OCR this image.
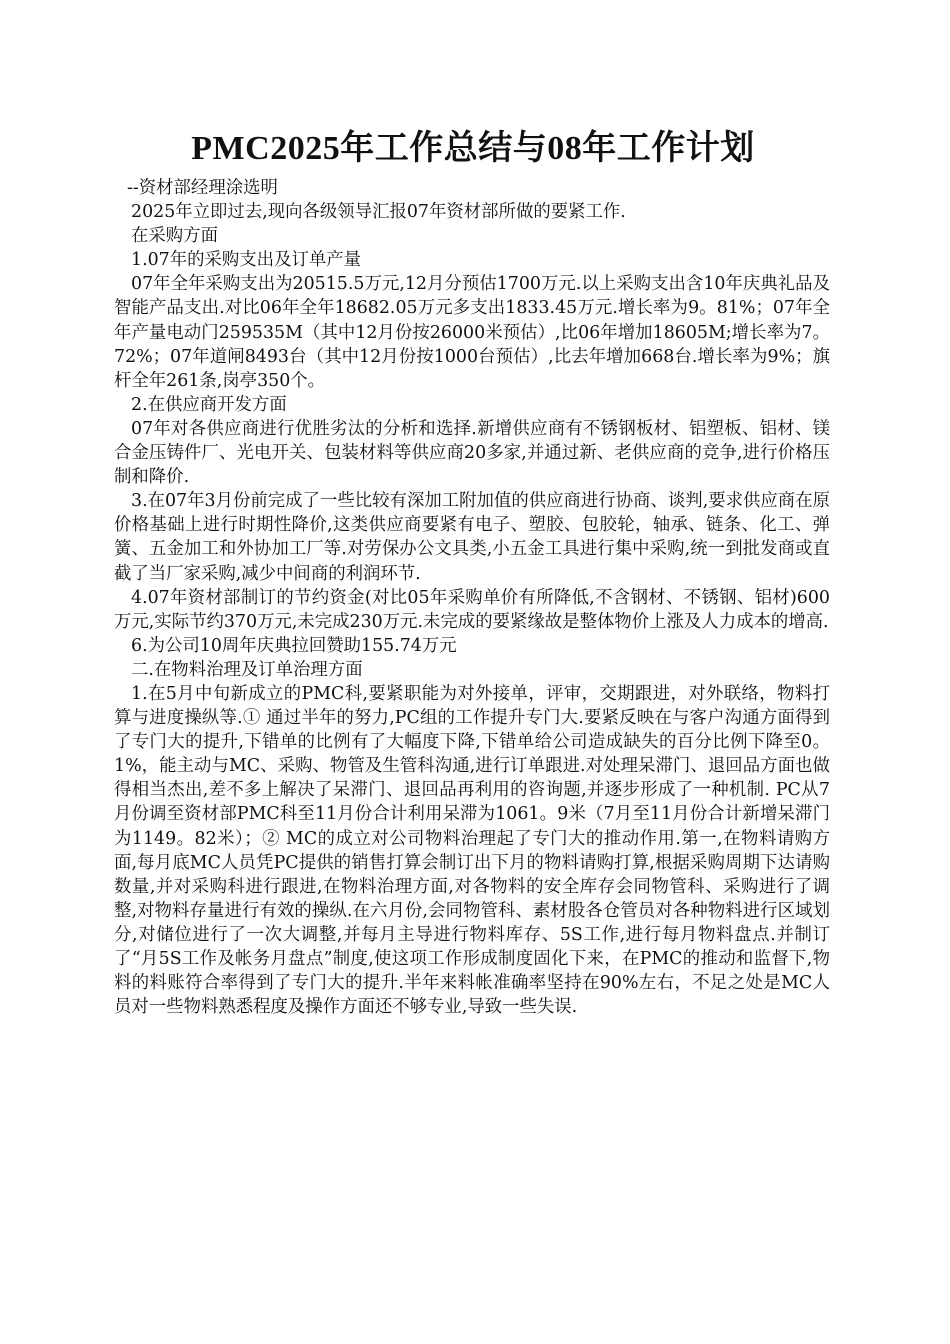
PMC2025年工作总结与08年工作计划

--资材部经理涂选明

2025年立即过去,现向各级领导汇报07年资材部所做的要紧工作.

在采购方面

1.07年的采购支出及订单产量

07年全年采购支出为20515.5万元,12月分预估1700万元.以上采购支出含10年庆典礼品及智能产品支出.对比06年全年18682.05万元多支出1833.45万元.增长率为9。81%；07年全年产量电动门259535M（其中12月份按26000米预估）,比06年增加18605M;增长率为7。72%；07年道闸8493台（其中12月份按1000台预估）,比去年增加668台.增长率为9%；旗杆全年261条,岗亭350个。

2.在供应商开发方面

07年对各供应商进行优胜劣汰的分析和选择.新增供应商有不锈钢板材、铝塑板、铝材、镁合金压铸件厂、光电开关、包装材料等供应商20多家,并通过新、老供应商的竞争,进行价格压制和降价.

3.在07年3月份前完成了一些比较有深加工附加值的供应商进行协商、谈判,要求供应商在原价格基础上进行时期性降价,这类供应商要紧有电子、塑胶、包胶轮，轴承、链条、化工、弹簧、五金加工和外协加工厂等.对劳保办公文具类,小五金工具进行集中采购,统一到批发商或直截了当厂家采购,减少中间商的利润环节.

4.07年资材部制订的节约资金(对比05年采购单价有所降低,不含钢材、不锈钢、铝材)600万元,实际节约370万元,未完成230万元.未完成的要紧缘故是整体物价上涨及人力成本的增高.

6.为公司10周年庆典拉回赞助155.74万元

二.在物料治理及订单治理方面

1.在5月中旬新成立的PMC科,要紧职能为对外接单，评审，交期跟进，对外联络，物料打算与进度操纵等.① 通过半年的努力,PC组的工作提升专门大.要紧反映在与客户沟通方面得到了专门大的提升,下错单的比例有了大幅度下降,下错单给公司造成缺失的百分比例下降至0。1%，能主动与MC、采购、物管及生管科沟通,进行订单跟进.对处理呆滞门、退回品方面也做得相当杰出,差不多上解决了呆滞门、退回品再利用的咨询题,并逐步形成了一种机制. PC从7月份调至资材部PMC科至11月份合计利用呆滞为1061。9米（7月至11月份合计新增呆滞门为1149。82米）；② MC的成立对公司物料治理起了专门大的推动作用.第一,在物料请购方面,每月底MC人员凭PC提供的销售打算会制订出下月的物料请购打算,根据采购周期下达请购数量,并对采购科进行跟进,在物料治理方面,对各物料的安全库存会同物管科、采购进行了调整,对物料存量进行有效的操纵.在六月份,会同物管科、素材股各仓管员对各种物料进行区域划分,对储位进行了一次大调整,并每月主导进行物料库存、5S工作,进行每月物料盘点.并制订了“月5S工作及帐务月盘点”制度,使这项工作形成制度固化下来，在PMC的推动和监督下,物料的料账符合率得到了专门大的提升.半年来料帐准确率坚持在90%左右，不足之处是MC人员对一些物料熟悉程度及操作方面还不够专业,导致一些失误.
